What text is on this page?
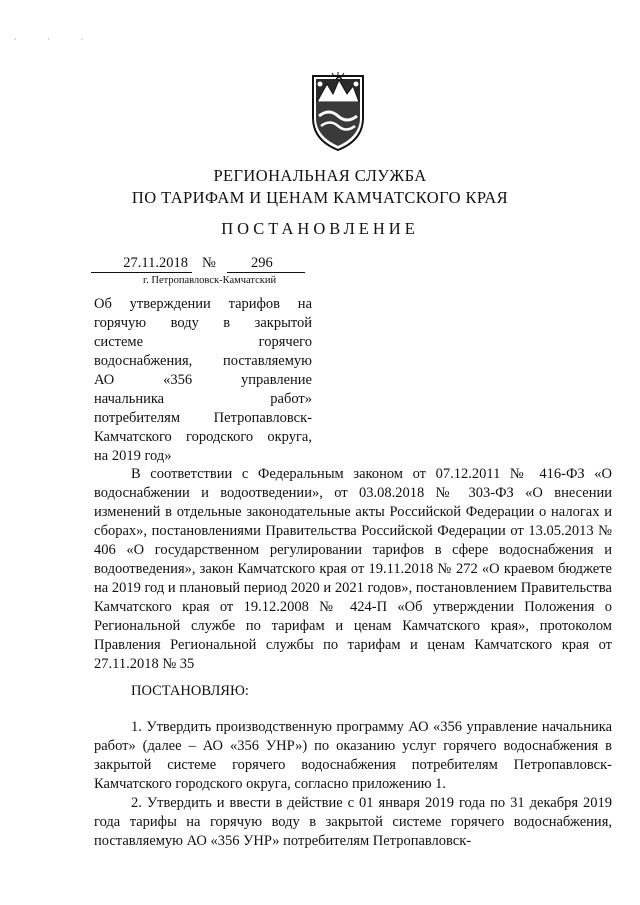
· · ·
РЕГИОНАЛЬНАЯ СЛУЖБА
ПО ТАРИФАМ И ЦЕНАМ КАМЧАТСКОГО КРАЯ
ПОСТАНОВЛЕНИЕ
27.11.2018 №	296
г. Петропавловск-Камчатский
Об утверждении тарифов на
горячую воду в закрытой
системе горячего
водоснабжения, поставляемую
АО «356 управление
начальника работ»
потребителям Петропавловск-
Камчатского городского округа,
на 2019 год»
В соответствии с Федеральным законом от 07.12.2011 № 416-ФЗ «О водоснабжении и водоотведении», от 03.08.2018 № 303-ФЗ «О внесении изменений в отдельные законодательные акты Российской Федерации о налогах и сборах», постановлениями Правительства Российской Федерации от 13.05.2013 № 406 «О государственном регулировании тарифов в сфере водоснабжения и водоотведения», закон Камчатского края от 19.11.2018 № 272 «О краевом бюджете на 2019 год и плановый период 2020 и 2021 годов», постановлением Правительства Камчатского края от 19.12.2008 № 424-П «Об утверждении Положения о Региональной службе по тарифам и ценам Камчатского края», протоколом Правления Региональной службы по тарифам и ценам Камчатского края от 27.11.2018 № 35
ПОСТАНОВЛЯЮ:
1. Утвердить производственную программу АО «356 управление начальника работ» (далее – АО «356 УНР») по оказанию услуг горячего водоснабжения в закрытой системе горячего водоснабжения потребителям Петропавловск-Камчатского городского округа, согласно приложению 1.
2. Утвердить и ввести в действие с 01 января 2019 года по 31 декабря 2019 года тарифы на горячую воду в закрытой системе горячего водоснабжения, поставляемую АО «356 УНР» потребителям Петропавловск-
